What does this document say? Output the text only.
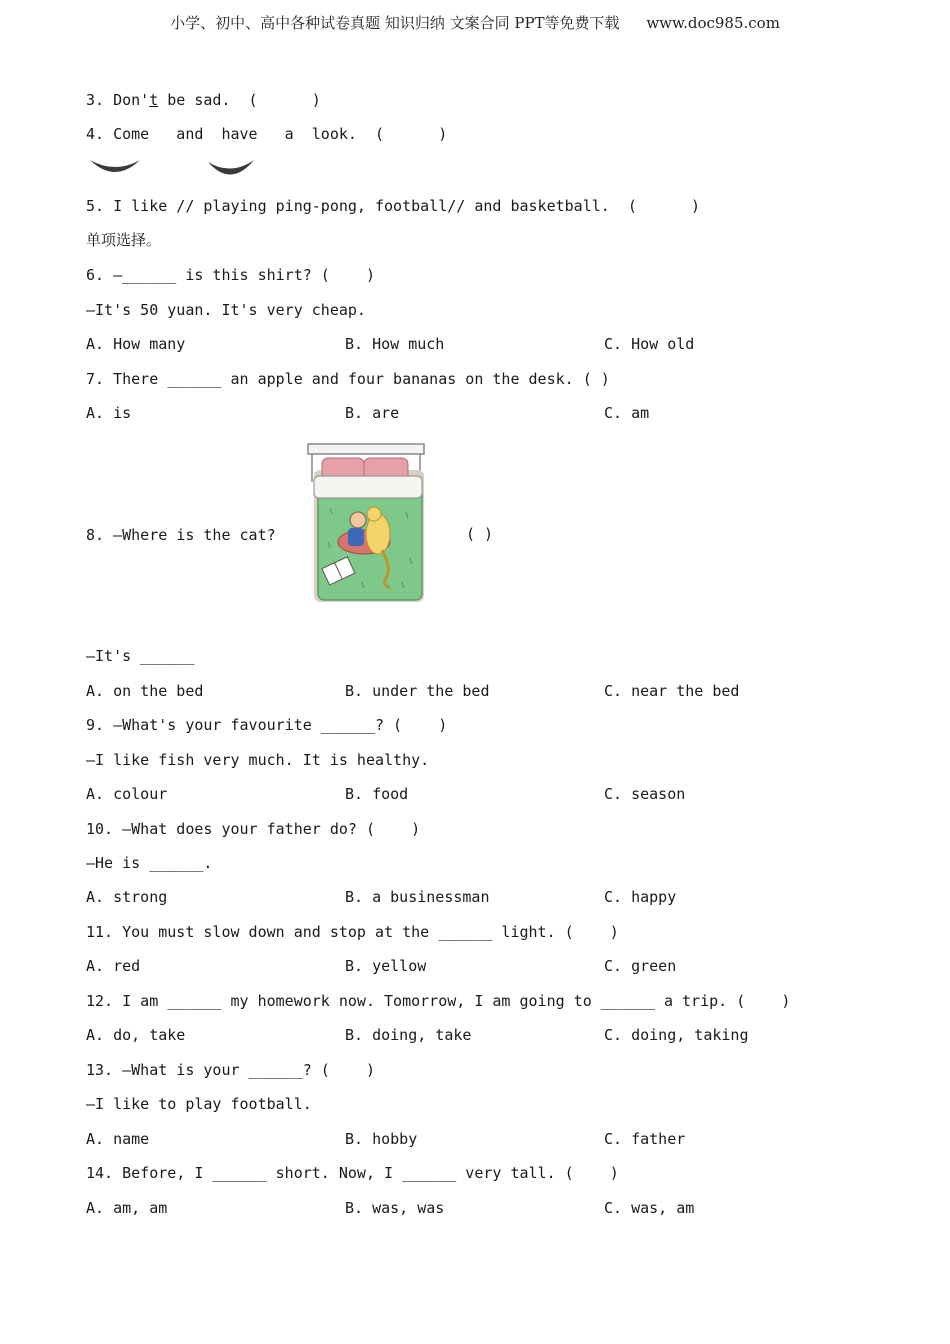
小学、初中、高中各种试卷真题 知识归纳 文案合同 PPT等免费下载 www.doc985.com
3. Don't be sad.  (      )
4. Come   and  have   a  look.  (      )
5. I like // playing ping-pong, football// and basketball.  (      )
单项选择。
6. —______ is this shirt? (    )
—It's 50 yuan. It's very cheap.
A. How many	B. How much	C. How old
7. There ______ an apple and four bananas on the desk. ( )
A. is	B. are	C. am
8. —Where is the cat?	( )
—It's ______
A. on the bed	B. under the bed	C. near the bed
9. —What's your favourite ______? (    )
—I like fish very much. It is healthy.
A. colour	B. food	C. season
10. —What does your father do? (    )
—He is ______.
A. strong	B. a businessman	C. happy
11. You must slow down and stop at the ______ light. (    )
A. red	B. yellow	C. green
12. I am ______ my homework now. Tomorrow, I am going to ______ a trip. (    )
A. do, take	B. doing, take	C. doing, taking
13. —What is your ______? (    )
—I like to play football.
A. name	B. hobby	C. father
14. Before, I ______ short. Now, I ______ very tall. (    )
A. am, am	B. was, was	C. was, am
